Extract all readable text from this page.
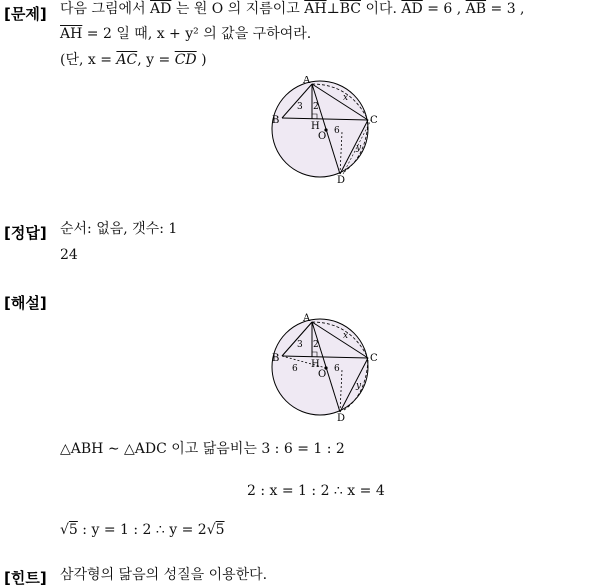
[문제] 다음 그림에서 $\overline{AD}$ 는 원 O 의 지름이고 $\overline{AH}\perp\overline{BC}$ 이다. $\overline{AD} = 6$ , $\overline{AB} = 3$ ,
$\overline{AH} = 2$ 일 때, x + y² 의 값을 구하여라.
(단, $x = \overline{AC}$, $y = \overline{CD}$ )
A
B	C
D
H
O
3 2
6
x
y
[정답] 순서: 없음, 갯수: 1
24
[해설]
A
B	C
D
H
O
3 2
6	6
x
y
△ABH ∼ △ADC 이고 닮음비는 3 : 6 = 1 : 2
2 : x = 1 : 2 ∴ x = 4
√5 : y = 1 : 2 ∴ y = 2√5
[힌트] 삼각형의 닮음의 성질을 이용한다.
